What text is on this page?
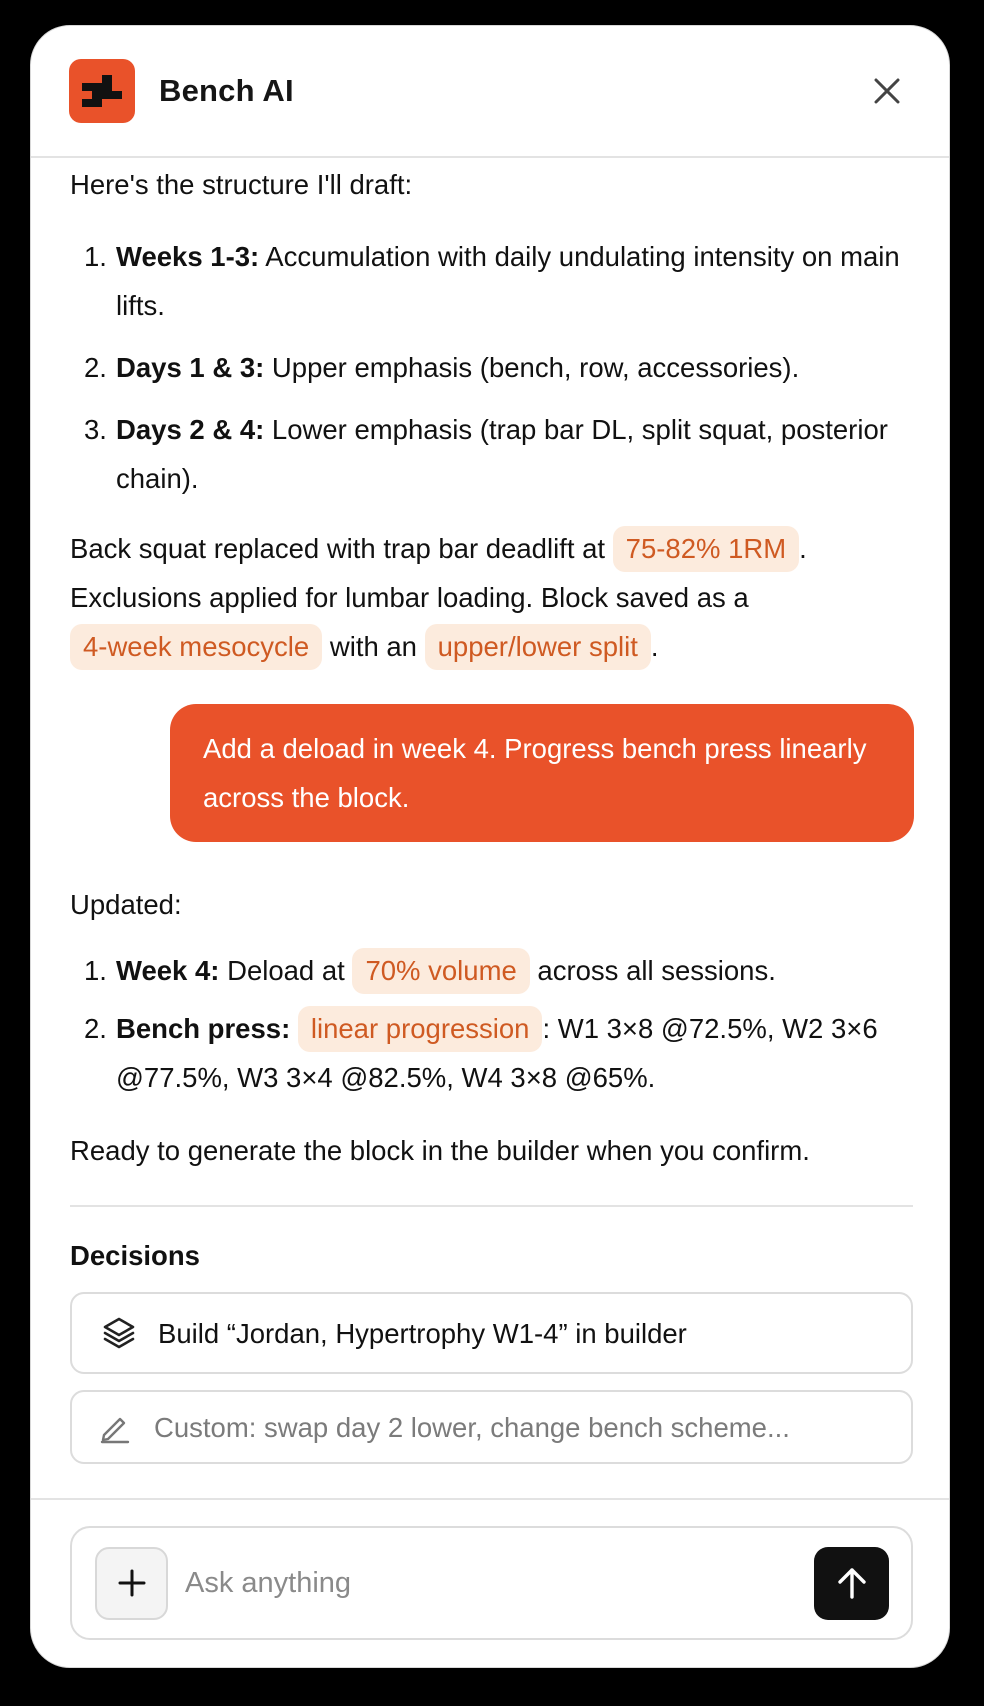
Bench AI
Here's the structure I'll draft:
1. Weeks 1-3: Accumulation with daily undulating intensity on main lifts.
2. Days 1 & 3: Upper emphasis (bench, row, accessories).
3. Days 2 & 4: Lower emphasis (trap bar DL, split squat, posterior chain).
Back squat replaced with trap bar deadlift at 75-82% 1RM . Exclusions applied for lumbar loading. Block saved as a 4-week mesocycle with an upper/lower split .
Add a deload in week 4. Progress bench press linearly across the block.
Updated:
1. Week 4: Deload at 70% volume across all sessions.
2. Bench press: linear progression : W1 3×8 @72.5%, W2 3×6 @77.5%, W3 3×4 @82.5%, W4 3×8 @65%.
Ready to generate the block in the builder when you confirm.
Decisions
Build “Jordan, Hypertrophy W1-4” in builder
Custom: swap day 2 lower, change bench scheme...
Ask anything
